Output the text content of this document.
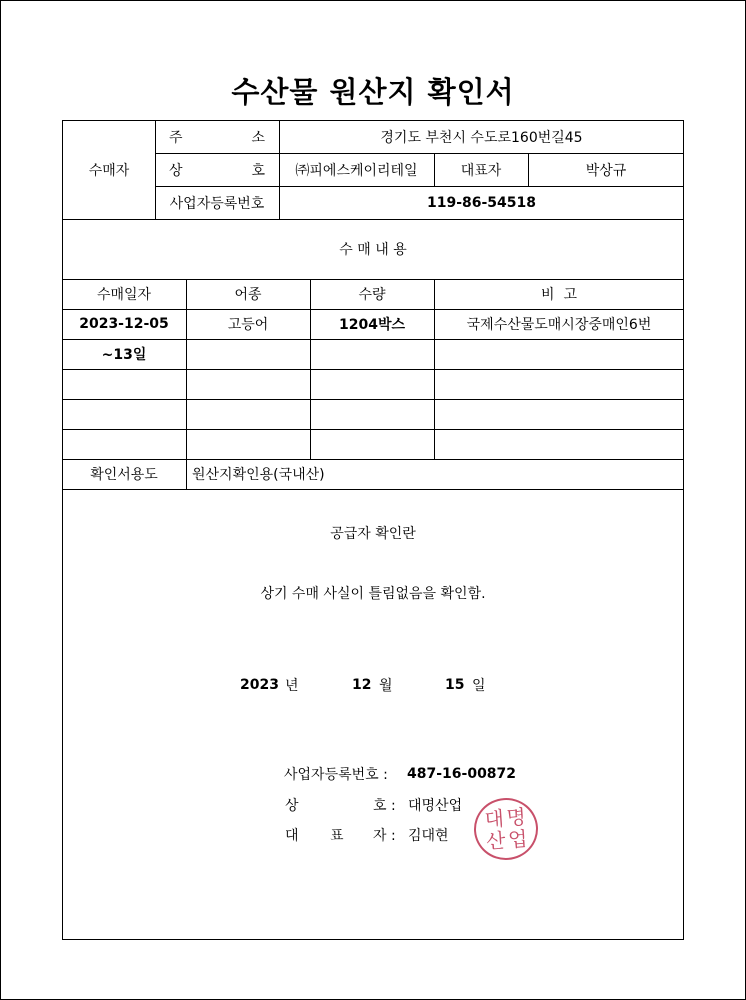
수산물 원산지 확인서
수매자
주	소	경기도 부천시 수도로160번길45
상	호	㈜피에스케이리테일	대표자	박상규
사업자등록번호	119-86-54518
수 매 내 용
수매일자	어종	수량	비  고
2023-12-05	고등어	1204박스	국제수산물도매시장중매인6번
~13일
확인서용도	원산지확인용(국내산)
공급자 확인란
상기 수매 사실이 틀림없음을 확인함.
2023 년	12 월	15 일
사업자등록번호 : 487-16-00872
상	호 : 대명산업
대 표 자 : 김대현
대 명
산 업
